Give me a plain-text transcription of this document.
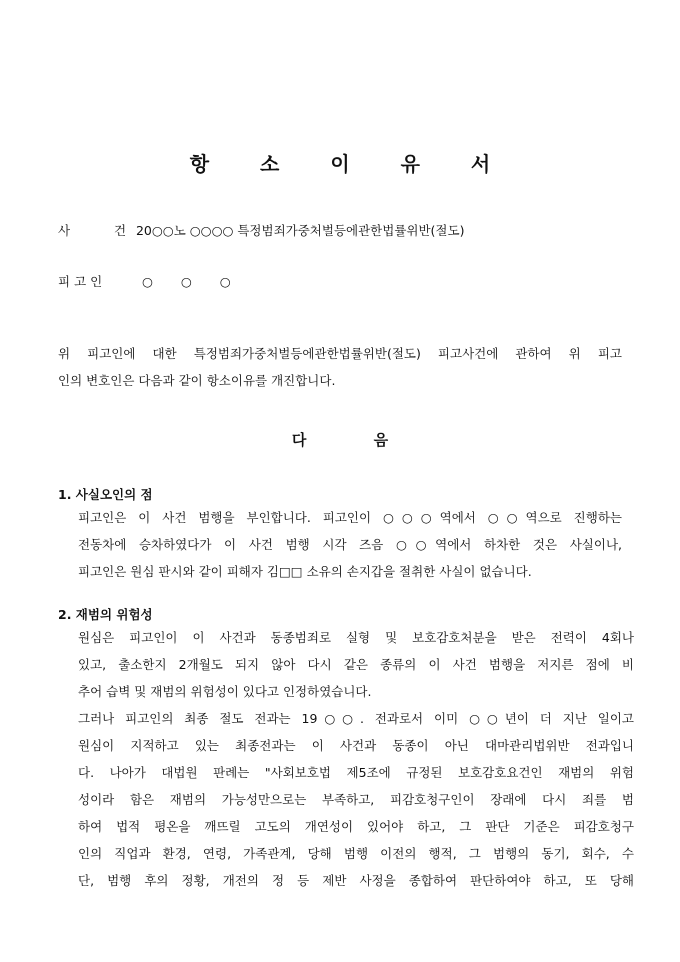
항 소 이 유 서
사 건 20○○노 ○○○○ 특정범죄가중처벌등에관한법률위반(절도)
피고인	○ ○ ○
위 피고인에 대한 특정범죄가중처벌등에관한법률위반(절도) 피고사건에 관하여 위 피고
인의 변호인은 다음과 같이 항소이유를 개진합니다.
다 음
1. 사실오인의 점
피고인은 이 사건 범행을 부인합니다. 피고인이 ○○○역에서 ○○역으로 진행하는
전동차에 승차하였다가 이 사건 범행 시각 즈음 ○○역에서 하차한 것은 사실이나,
피고인은 원심 판시와 같이 피해자 김□□ 소유의 손지갑을 절취한 사실이 없습니다.
2. 재범의 위험성
원심은 피고인이 이 사건과 동종범죄로 실형 및 보호감호처분을 받은 전력이 4회나
있고, 출소한지 2개월도 되지 않아 다시 같은 종류의 이 사건 범행을 저지른 점에 비
추어 습벽 및 재범의 위험성이 있다고 인정하였습니다.
그러나 피고인의 최종 절도 전과는 19○○. 전과로서 이미 ○○년이 더 지난 일이고
원심이 지적하고 있는 최종전과는 이 사건과 동종이 아닌 대마관리법위반 전과입니
다. 나아가 대법원 판례는 "사회보호법 제5조에 규정된 보호감호요건인 재범의 위험
성이라 함은 재범의 가능성만으로는 부족하고, 피감호청구인이 장래에 다시 죄를 범
하여 법적 평온을 깨뜨릴 고도의 개연성이 있어야 하고, 그 판단 기준은 피감호청구
인의 직업과 환경, 연령, 가족관계, 당해 범행 이전의 행적, 그 범행의 동기, 회수, 수
단, 범행 후의 정황, 개전의 정 등 제반 사정을 종합하여 판단하여야 하고, 또 당해
